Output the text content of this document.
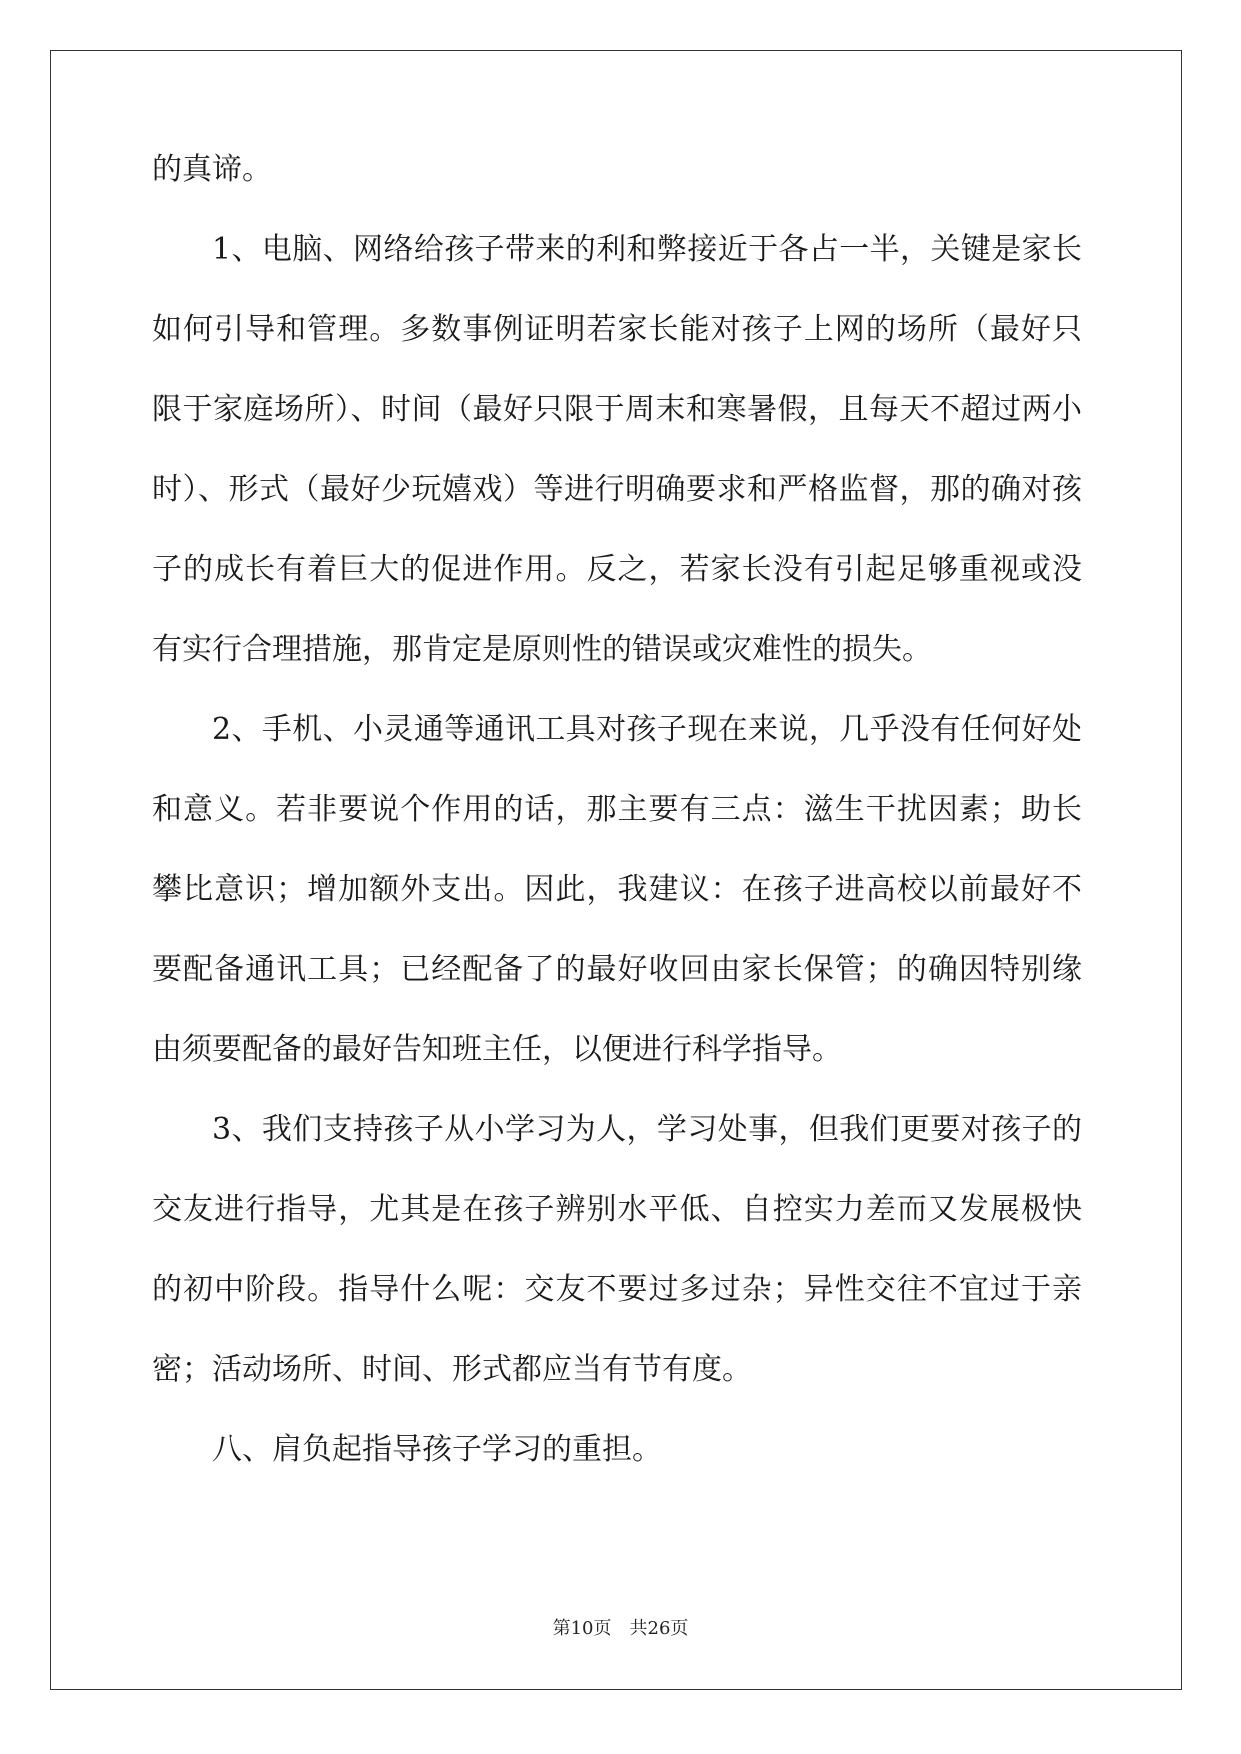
的真谛。
1、电脑、网络给孩子带来的利和弊接近于各占一半，关键是家长
如何引导和管理。多数事例证明若家长能对孩子上网的场所（最好只
限于家庭场所）、时间（最好只限于周末和寒暑假，且每天不超过两小
时）、形式（最好少玩嬉戏）等进行明确要求和严格监督，那的确对孩
子的成长有着巨大的促进作用。反之，若家长没有引起足够重视或没
有实行合理措施，那肯定是原则性的错误或灾难性的损失。
2、手机、小灵通等通讯工具对孩子现在来说，几乎没有任何好处
和意义。若非要说个作用的话，那主要有三点：滋生干扰因素；助长
攀比意识；增加额外支出。因此，我建议：在孩子进高校以前最好不
要配备通讯工具；已经配备了的最好收回由家长保管；的确因特别缘
由须要配备的最好告知班主任，以便进行科学指导。
3、我们支持孩子从小学习为人，学习处事，但我们更要对孩子的
交友进行指导，尤其是在孩子辨别水平低、自控实力差而又发展极快
的初中阶段。指导什么呢：交友不要过多过杂；异性交往不宜过于亲
密；活动场所、时间、形式都应当有节有度。
八、肩负起指导孩子学习的重担。
第10页　共26页
